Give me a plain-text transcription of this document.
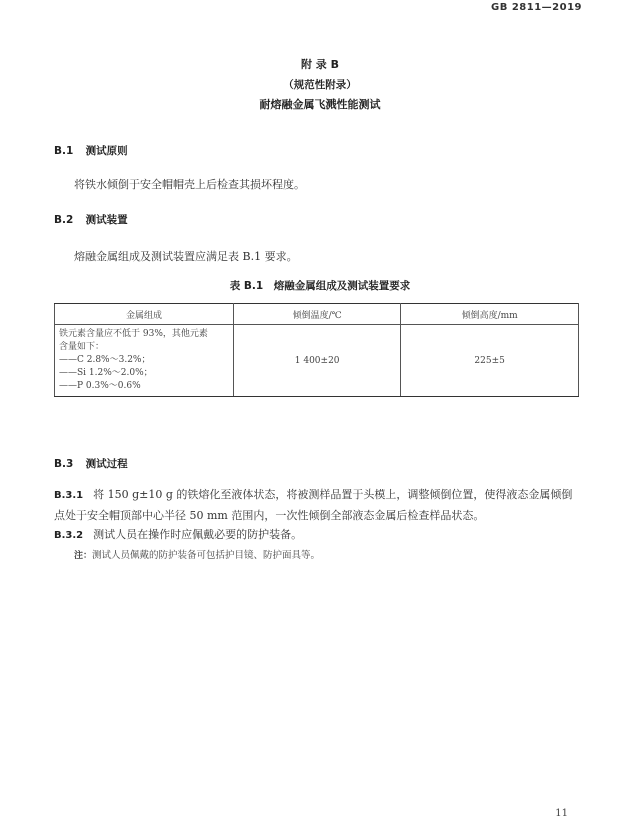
GB 2811—2019
附 录 B
（规范性附录）
耐熔融金属飞溅性能测试
B.1 测试原则
将铁水倾倒于安全帽帽壳上后检查其损坏程度。
B.2 测试装置
熔融金属组成及测试装置应满足表 B.1 要求。
表 B.1　熔融金属组成及测试装置要求
金属组成	倾倒温度/℃	倾倒高度/mm

铁元素含量应不低于 93%，其他元素
含量如下：
——C 2.8%～3.2%；
——Si 1.2%～2.0%；
——P 0.3%～0.6%	1 400±20	225±5
B.3 测试过程
B.3.1 将 150 g±10 g 的铁熔化至液体状态，将被测样品置于头模上，调整倾倒位置，使得液态金属倾倒点处于安全帽顶部中心半径 50 mm 范围内，一次性倾倒全部液态金属后检查样品状态。
B.3.2 测试人员在操作时应佩戴必要的防护装备。
注：测试人员佩戴的防护装备可包括护目镜、防护面具等。
11
